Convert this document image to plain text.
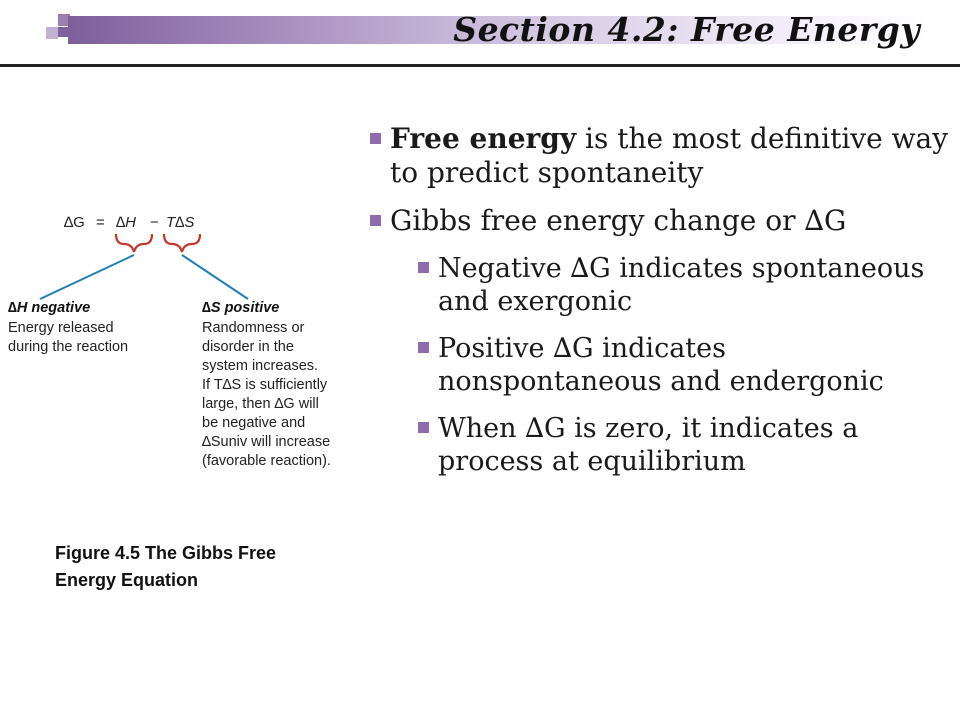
Section 4.2: Free Energy
∆G = ∆H − T∆S
∆H negative
Energy released
during the reaction
∆S positive
Randomness or
disorder in the
system increases.
If T∆S is sufficiently
large, then ∆G will
be negative and
∆Suniv will increase
(favorable reaction).
Figure 4.5 The Gibbs Free Energy Equation
Free energy is the most definitive way to predict spontaneity
Gibbs free energy change or ∆G
Negative ∆G indicates spontaneous and exergonic
Positive ∆G indicates nonspontaneous and endergonic
When ∆G is zero, it indicates a process at equilibrium
